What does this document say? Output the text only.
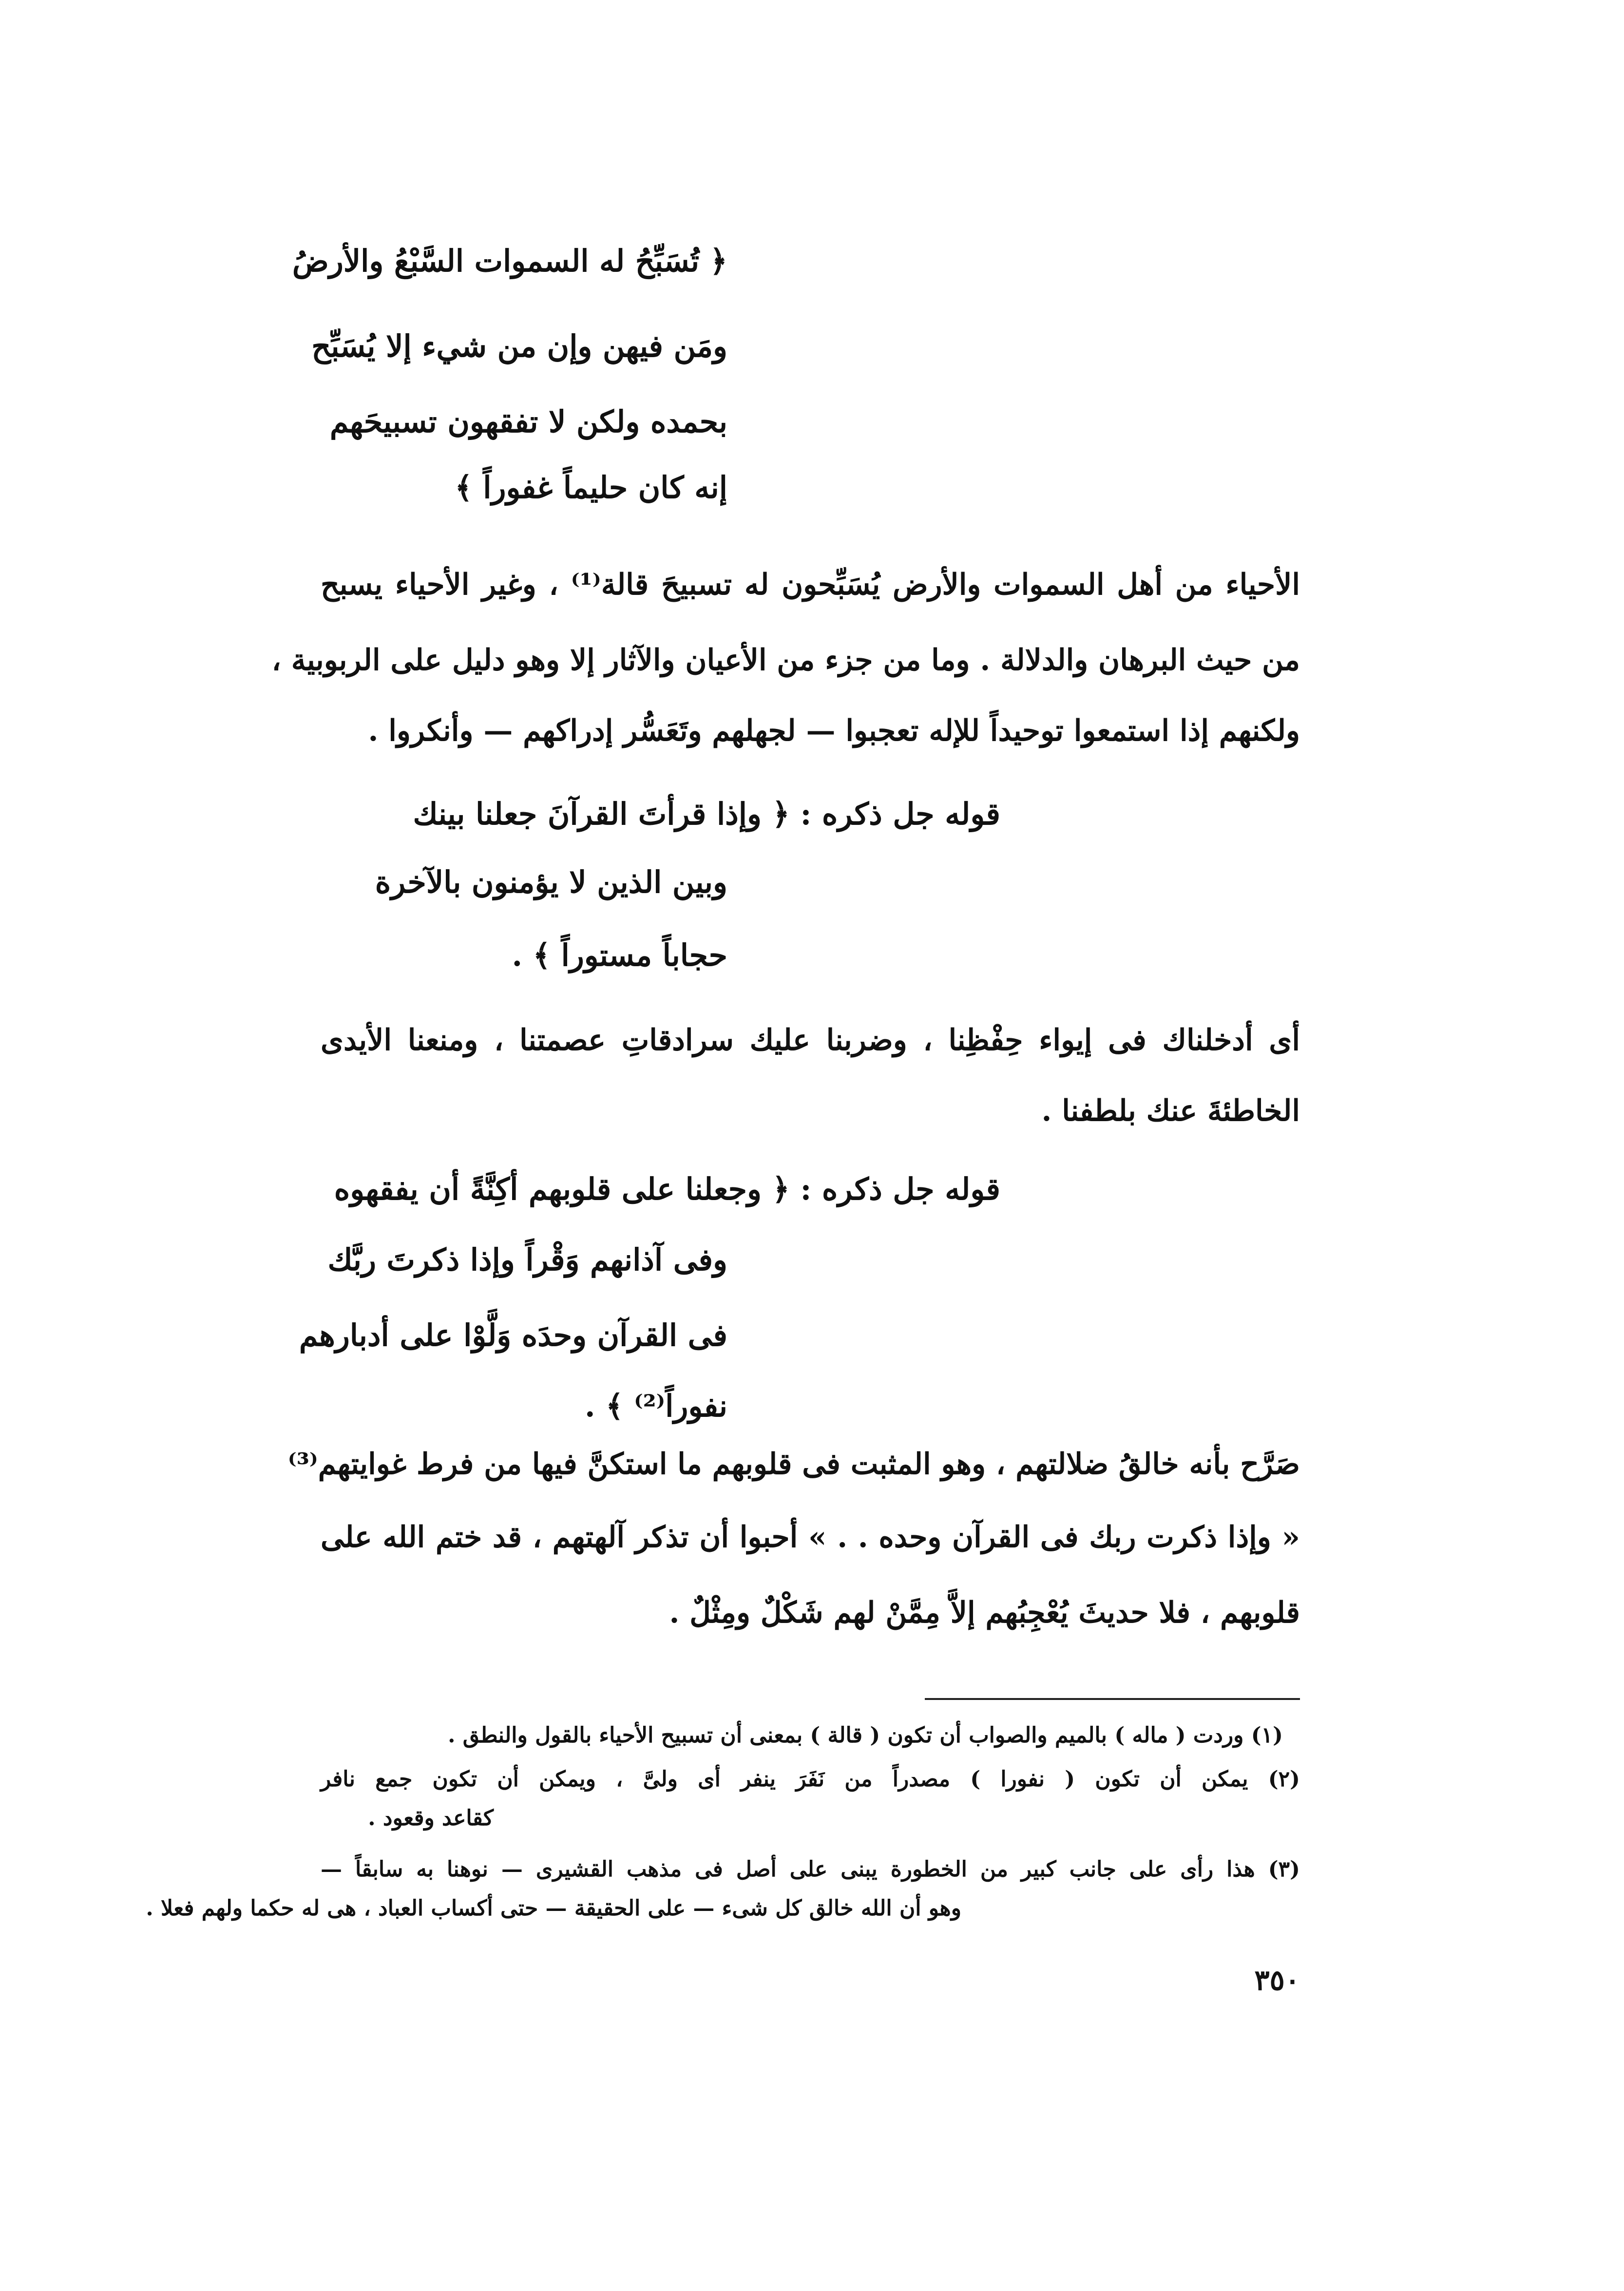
﴿ تُسَبِّحُ له السموات السَّبْعُ والأرضُ
ومَن فيهن وإن من شيء إلا يُسَبِّح
بحمده ولكن لا تفقهون تسبيحَهم
إنه كان حليماً غفوراً ﴾
الأحياء من أهل السموات والأرض يُسَبِّحون له تسبيحَ قالة⁽¹⁾ ، وغير الأحياء يسبح
من حيث البرهان والدلالة . وما من جزء من الأعيان والآثار إلا وهو دليل على الربوبية ،
ولكنهم إذا استمعوا توحيداً للإله تعجبوا — لجهلهم وتَعَسُّر إدراكهم — وأنكروا .
قوله جل ذكره : ﴿ وإذا قرأتَ القرآنَ جعلنا بينك
وبين الذين لا يؤمنون بالآخرة
حجاباً مستوراً ﴾ .
أى أدخلناك فى إيواء حِفْظِنا ، وضربنا عليك سرادقاتِ عصمتنا ، ومنعنا الأيدى
الخاطئةَ عنك بلطفنا .
قوله جل ذكره : ﴿ وجعلنا على قلوبهم أكِنَّةً أن يفقهوه
وفى آذانهم وَقْراً وإذا ذكرتَ ربَّك
فى القرآن وحدَه وَلَّوْا على أدبارهم
نفوراً⁽²⁾ ﴾ .
صَرَّح بأنه خالقُ ضلالتهم ، وهو المثبت فى قلوبهم ما استكنَّ فيها من فرط غوايتهم⁽³⁾
« وإذا ذكرت ربك فى القرآن وحده . . » أحبوا أن تذكر آلهتهم ، قد ختم الله على
قلوبهم ، فلا حديثَ يُعْجِبُهم إلاَّ مِمَّنْ لهم شَكْلٌ ومِثْلٌ .
(١) وردت ( ماله ) بالميم والصواب أن تكون ( قالة ) بمعنى أن تسبيح الأحياء بالقول والنطق .
(٢) يمكن أن تكون ( نفورا ) مصدراً من نَفَرَ ينفر أى ولىَّ ، ويمكن أن تكون جمع نافر
كقاعد وقعود .
(٣) هذا رأى على جانب كبير من الخطورة يبنى على أصل فى مذهب القشيرى — نوهنا به سابقاً —
وهو أن الله خالق كل شىء — على الحقيقة — حتى أكساب العباد ، هى له حكما ولهم فعلا .
٣٥٠
